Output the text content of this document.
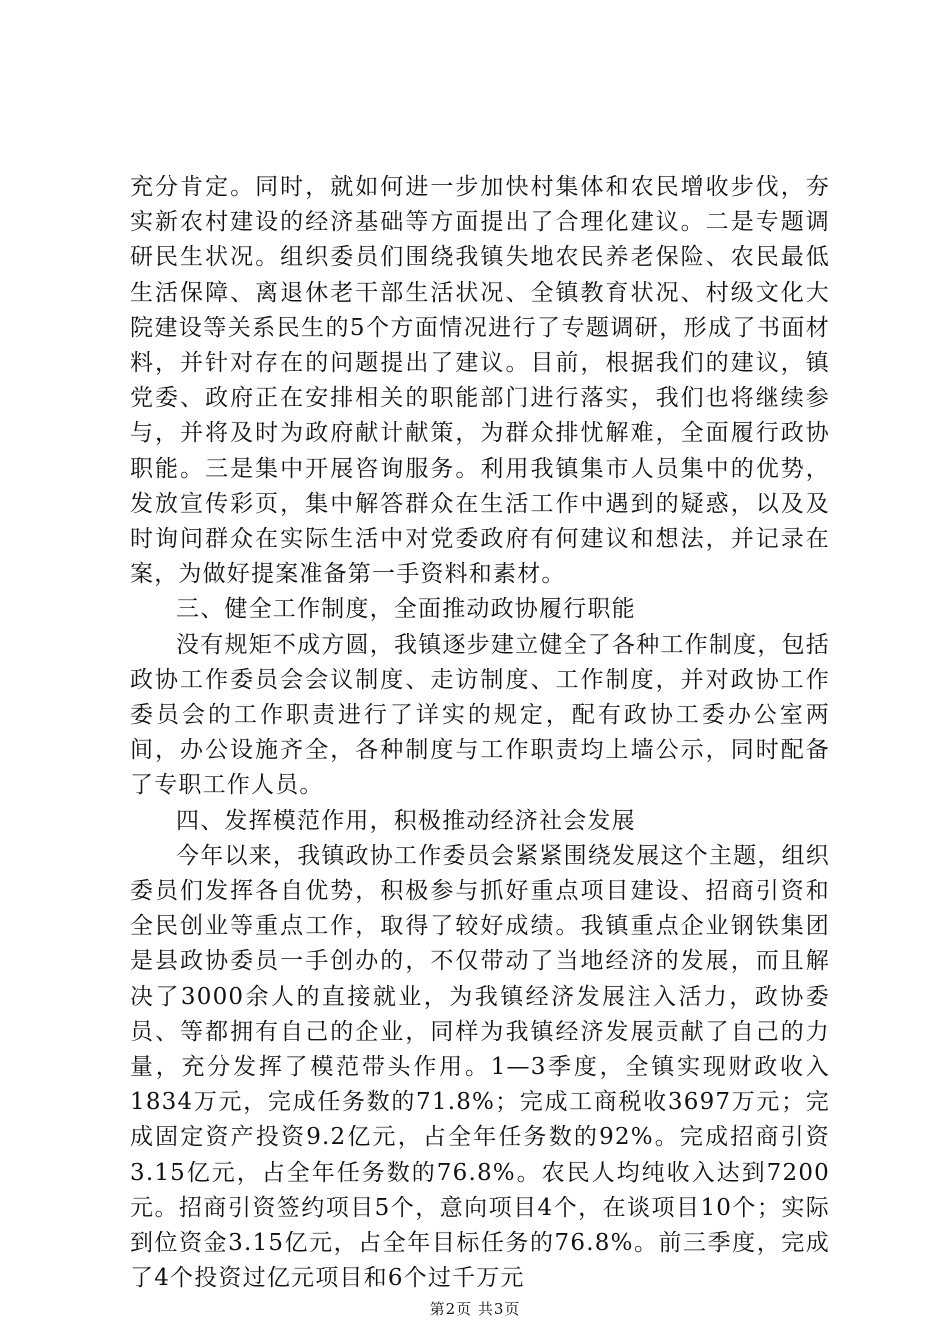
充分肯定。同时，就如何进一步加快村集体和农民增收步伐，夯实新农村建设的经济基础等方面提出了合理化建议。二是专题调研民生状况。组织委员们围绕我镇失地农民养老保险、农民最低生活保障、离退休老干部生活状况、全镇教育状况、村级文化大院建设等关系民生的5个方面情况进行了专题调研，形成了书面材料，并针对存在的问题提出了建议。目前，根据我们的建议，镇党委、政府正在安排相关的职能部门进行落实，我们也将继续参与，并将及时为政府献计献策，为群众排忧解难，全面履行政协职能。三是集中开展咨询服务。利用我镇集市人员集中的优势，发放宣传彩页，集中解答群众在生活工作中遇到的疑惑，以及及时询问群众在实际生活中对党委政府有何建议和想法，并记录在案，为做好提案准备第一手资料和素材。

三、健全工作制度，全面推动政协履行职能

没有规矩不成方圆，我镇逐步建立健全了各种工作制度，包括政协工作委员会会议制度、走访制度、工作制度，并对政协工作委员会的工作职责进行了详实的规定，配有政协工委办公室两间，办公设施齐全，各种制度与工作职责均上墙公示，同时配备了专职工作人员。

四、发挥模范作用，积极推动经济社会发展

今年以来，我镇政协工作委员会紧紧围绕发展这个主题，组织委员们发挥各自优势，积极参与抓好重点项目建设、招商引资和全民创业等重点工作，取得了较好成绩。我镇重点企业钢铁集团是县政协委员一手创办的，不仅带动了当地经济的发展，而且解决了3000余人的直接就业，为我镇经济发展注入活力，政协委员、等都拥有自己的企业，同样为我镇经济发展贡献了自己的力量，充分发挥了模范带头作用。1—3季度，全镇实现财政收入1834万元，完成任务数的71.8%；完成工商税收3697万元；完成固定资产投资9.2亿元，占全年任务数的92%。完成招商引资3.15亿元，占全年任务数的76.8%。农民人均纯收入达到7200元。招商引资签约项目5个，意向项目4个，在谈项目10个；实际到位资金3.15亿元，占全年目标任务的76.8%。前三季度，完成了4个投资过亿元项目和6个过千万元

第2页 共3页
